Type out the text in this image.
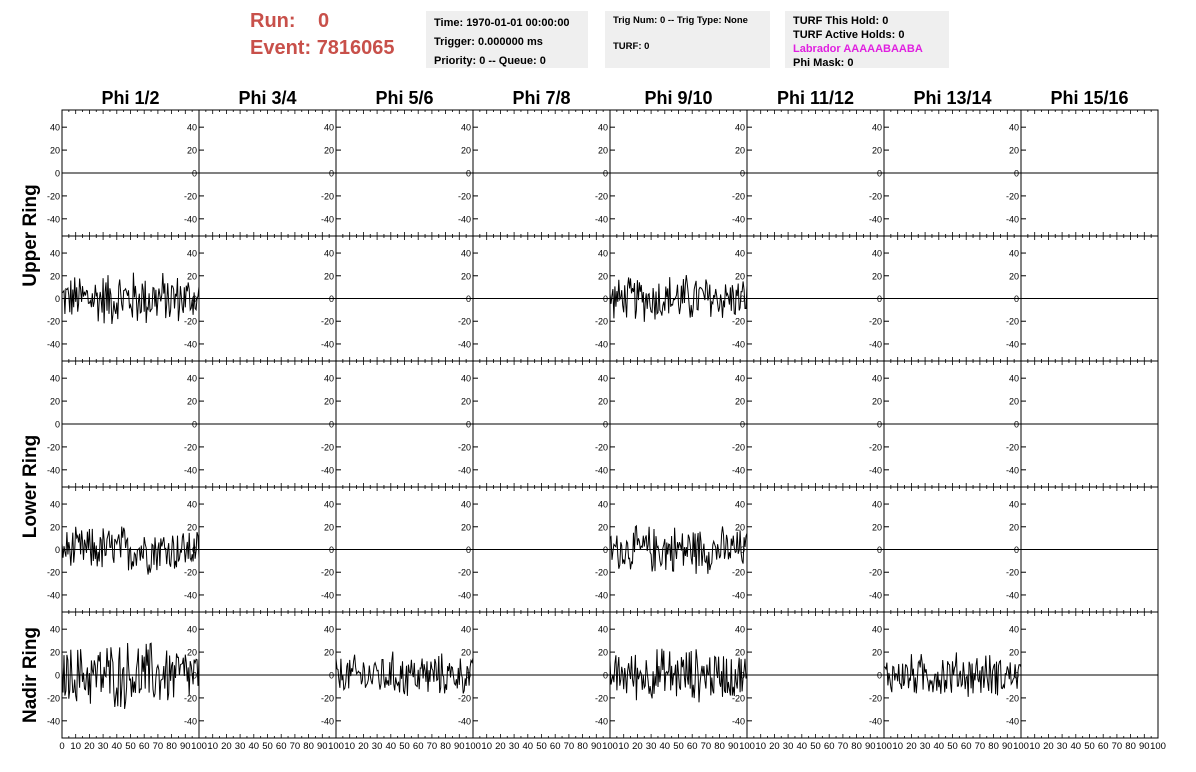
Run: 0
Event: 7816065
Time: 1970-01-01 00:00:00
Trigger: 0.000000 ms
Priority: 0 -- Queue: 0
Trig Num: 0 -- Trig Type: None
TURF: 0
TURF This Hold: 0
TURF Active Holds: 0
Labrador AAAAABAABA
Phi Mask: 0
Phi 1/2	Phi 3/4	Phi 5/6	Phi 7/8	Phi 9/10	Phi 11/12	Phi 13/14	Phi 15/16
Upper Ring
Lower Ring
Nadir Ring
40
20
0
-20
-40
40
20
0
-20
-40
40
20
0
-20
-40
40
20
0
-20
-40
40
20
0
-20
-40
40
20
0
-20
-40
40
20
0
-20
-40
40
20
0
-20
-40
40
20
0
-20
-40
40
20
0
-20
-40
40
20
0
-20
-40
40
20
0
-20
-40
40
20
0
-20
-40
40
20
0
-20
-40
40
20
0
-20
-40
40
20
0
-20
-40
40
20
0
-20
-40
40
20
0
-20
-40
40
20
0
-20
-40
40
20
0
-20
-40
40
20
0
-20
-40
40
20
0
-20
-40
40
20
0
-20
-40
40
20
0
-20
-40
40
20
0
-20
-40
40
20
0
-20
-40
40
20
0
-20
-40
40
20
0
-20
-40
40
20
0
-20
-40
40
20
0
-20
-40
40
20
0
-20
-40
40
20
0
-20
-40
40
20
0
-20
-40
40
20
0
-20
-40
40
20
0
-20
-40
40
20
0
-20
-40
40
20
0
-20
-40
40
20
0
-20
-40
40
20
0
-20
-40
40
20
0
-20
-40
0 10 20 30 40 50 60 70 80 90 100 10 20 30 40 50 60 70 80 90 100 10 20 30 40 50 60 70 80 90 100 10 20 30 40 50 60 70 80 90 100 10 20 30 40 50 60 70 80 90 100 10 20 30 40 50 60 70 80 90 100 10 20 30 40 50 60 70 80 90 100 10 20 30 40 50 60 70 80 90 100
